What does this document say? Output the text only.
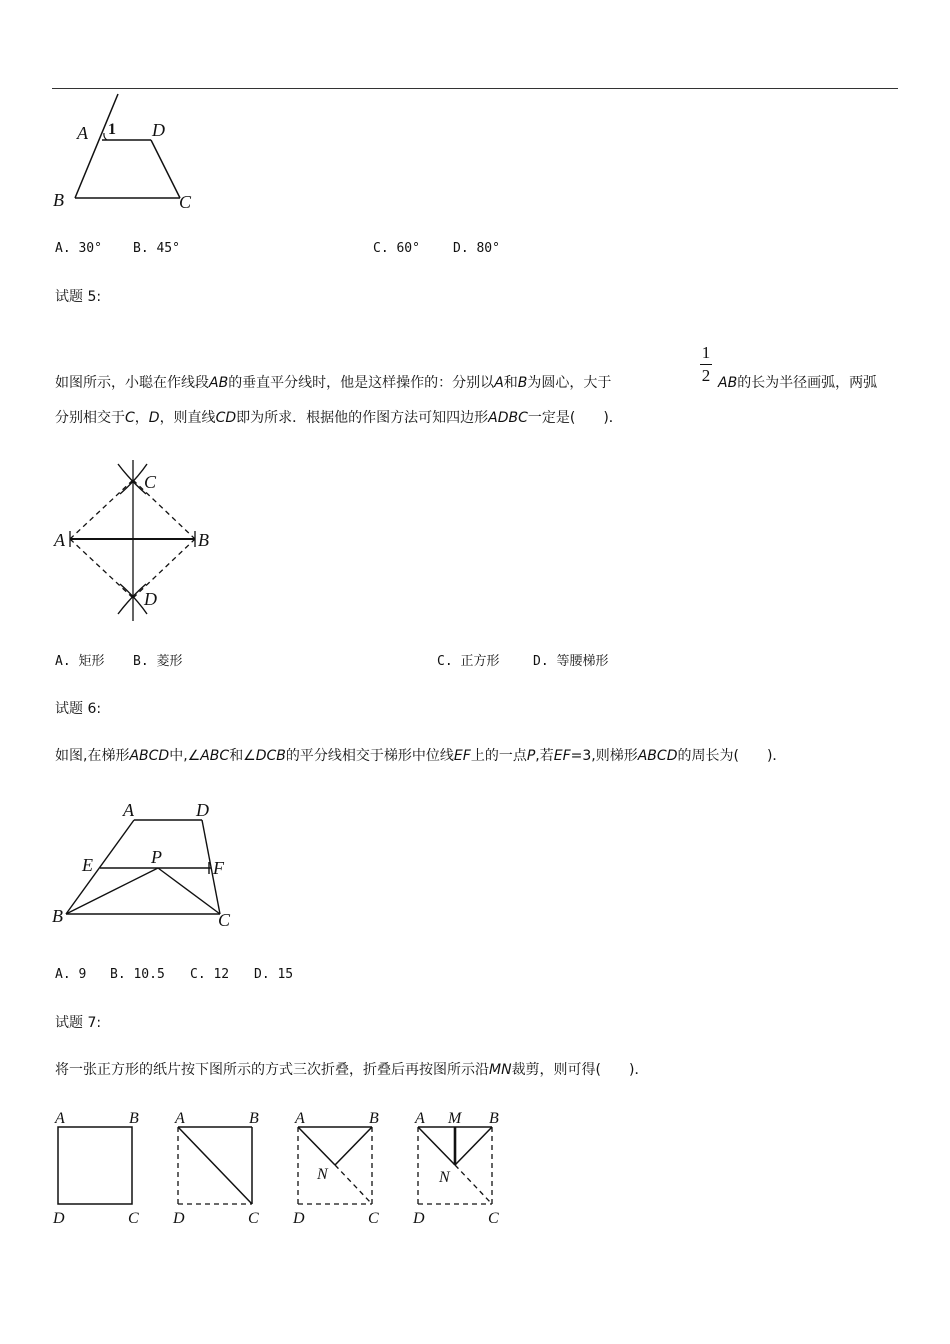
A 1 D
B	C
A. 30° B. 45°	C. 60°	D. 80°
试题 5:
1
2
如图所示，小聪在作线段AB的垂直平分线时，他是这样操作的：分别以A和B为圆心，大于	AB的长为半径画弧，两弧
分别相交于C，D，则直线CD即为所求．根据他的作图方法可知四边形ADBC一定是(　　)．
C
A	B
D
A. 矩形 B. 菱形	C. 正方形	D. 等腰梯形
试题 6:
如图,在梯形ABCD中,∠ABC和∠DCB的平分线相交于梯形中位线EF上的一点P,若EF=3,则梯形ABCD的周长为(　　)．
A	D
E	P
F
B	C
A. 9 B. 10.5 C. 12 D. 15
试题 7:
将一张正方形的纸片按下图所示的方式三次折叠，折叠后再按图所示沿MN裁剪，则可得(　　)．
A	B
D	C
A	B
D	C
A	B
N
D	C
A M B
N
D	C
